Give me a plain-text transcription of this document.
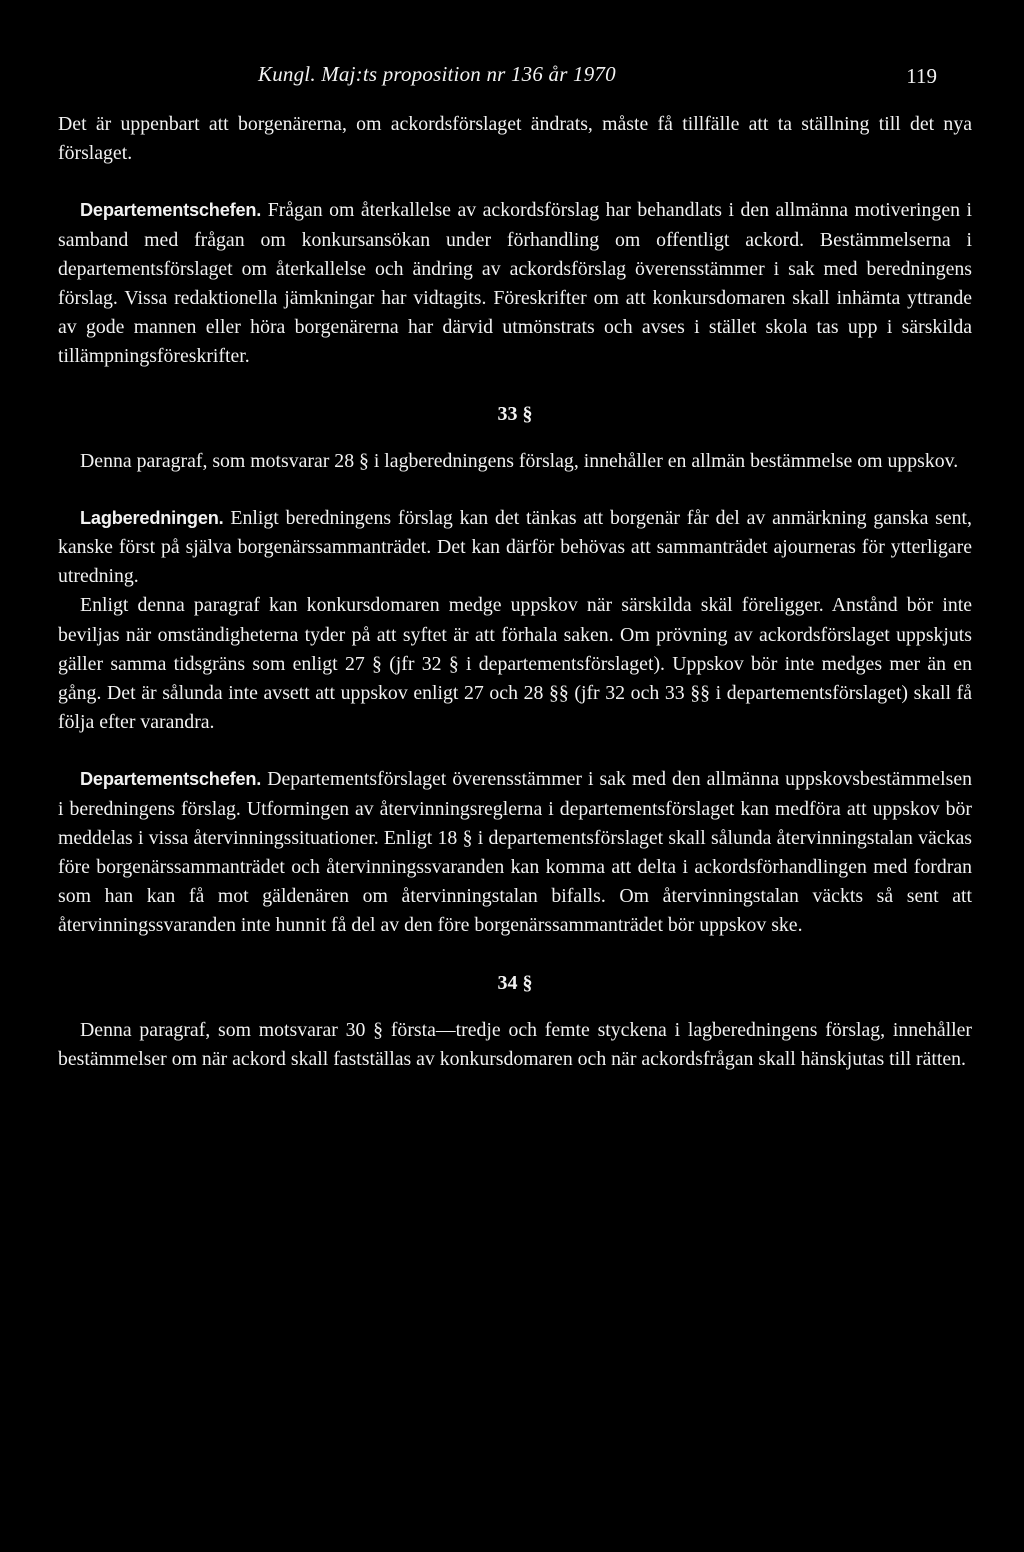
Kungl. Maj:ts proposition nr 136 år 1970	119

Det är uppenbart att borgenärerna, om ackordsförslaget ändrats, måste få tillfälle att ta ställning till det nya förslaget.

Departementschefen. Frågan om återkallelse av ackordsförslag har behandlats i den allmänna motiveringen i samband med frågan om konkursansökan under förhandling om offentligt ackord. Bestämmelserna i departementsförslaget om återkallelse och ändring av ackordsförslag överensstämmer i sak med beredningens förslag. Vissa redaktionella jämkningar har vidtagits. Föreskrifter om att konkursdomaren skall inhämta yttrande av gode mannen eller höra borgenärerna har därvid utmönstrats och avses i stället skola tas upp i särskilda tillämpningsföreskrifter.

33 §

Denna paragraf, som motsvarar 28 § i lagberedningens förslag, innehåller en allmän bestämmelse om uppskov.

Lagberedningen. Enligt beredningens förslag kan det tänkas att borgenär får del av anmärkning ganska sent, kanske först på själva borgenärssammanträdet. Det kan därför behövas att sammanträdet ajourneras för ytterligare utredning.

Enligt denna paragraf kan konkursdomaren medge uppskov när särskilda skäl föreligger. Anstånd bör inte beviljas när omständigheterna tyder på att syftet är att förhala saken. Om prövning av ackordsförslaget uppskjuts gäller samma tidsgräns som enligt 27 § (jfr 32 § i departementsförslaget). Uppskov bör inte medges mer än en gång. Det är sålunda inte avsett att uppskov enligt 27 och 28 §§ (jfr 32 och 33 §§ i departementsförslaget) skall få följa efter varandra.

Departementschefen. Departementsförslaget överensstämmer i sak med den allmänna uppskovsbestämmelsen i beredningens förslag. Utformingen av återvinningsreglerna i departementsförslaget kan medföra att uppskov bör meddelas i vissa återvinningssituationer. Enligt 18 § i departementsförslaget skall sålunda återvinningstalan väckas före borgenärssammanträdet och återvinningssvaranden kan komma att delta i ackordsförhandlingen med fordran som han kan få mot gäldenären om återvinningstalan bifalls. Om återvinningstalan väckts så sent att återvinningssvaranden inte hunnit få del av den före borgenärssammanträdet bör uppskov ske.

34 §

Denna paragraf, som motsvarar 30 § första—tredje och femte styckena i lagberedningens förslag, innehåller bestämmelser om när ackord skall fastställas av konkursdomaren och när ackordsfrågan skall hänskjutas till rätten.
